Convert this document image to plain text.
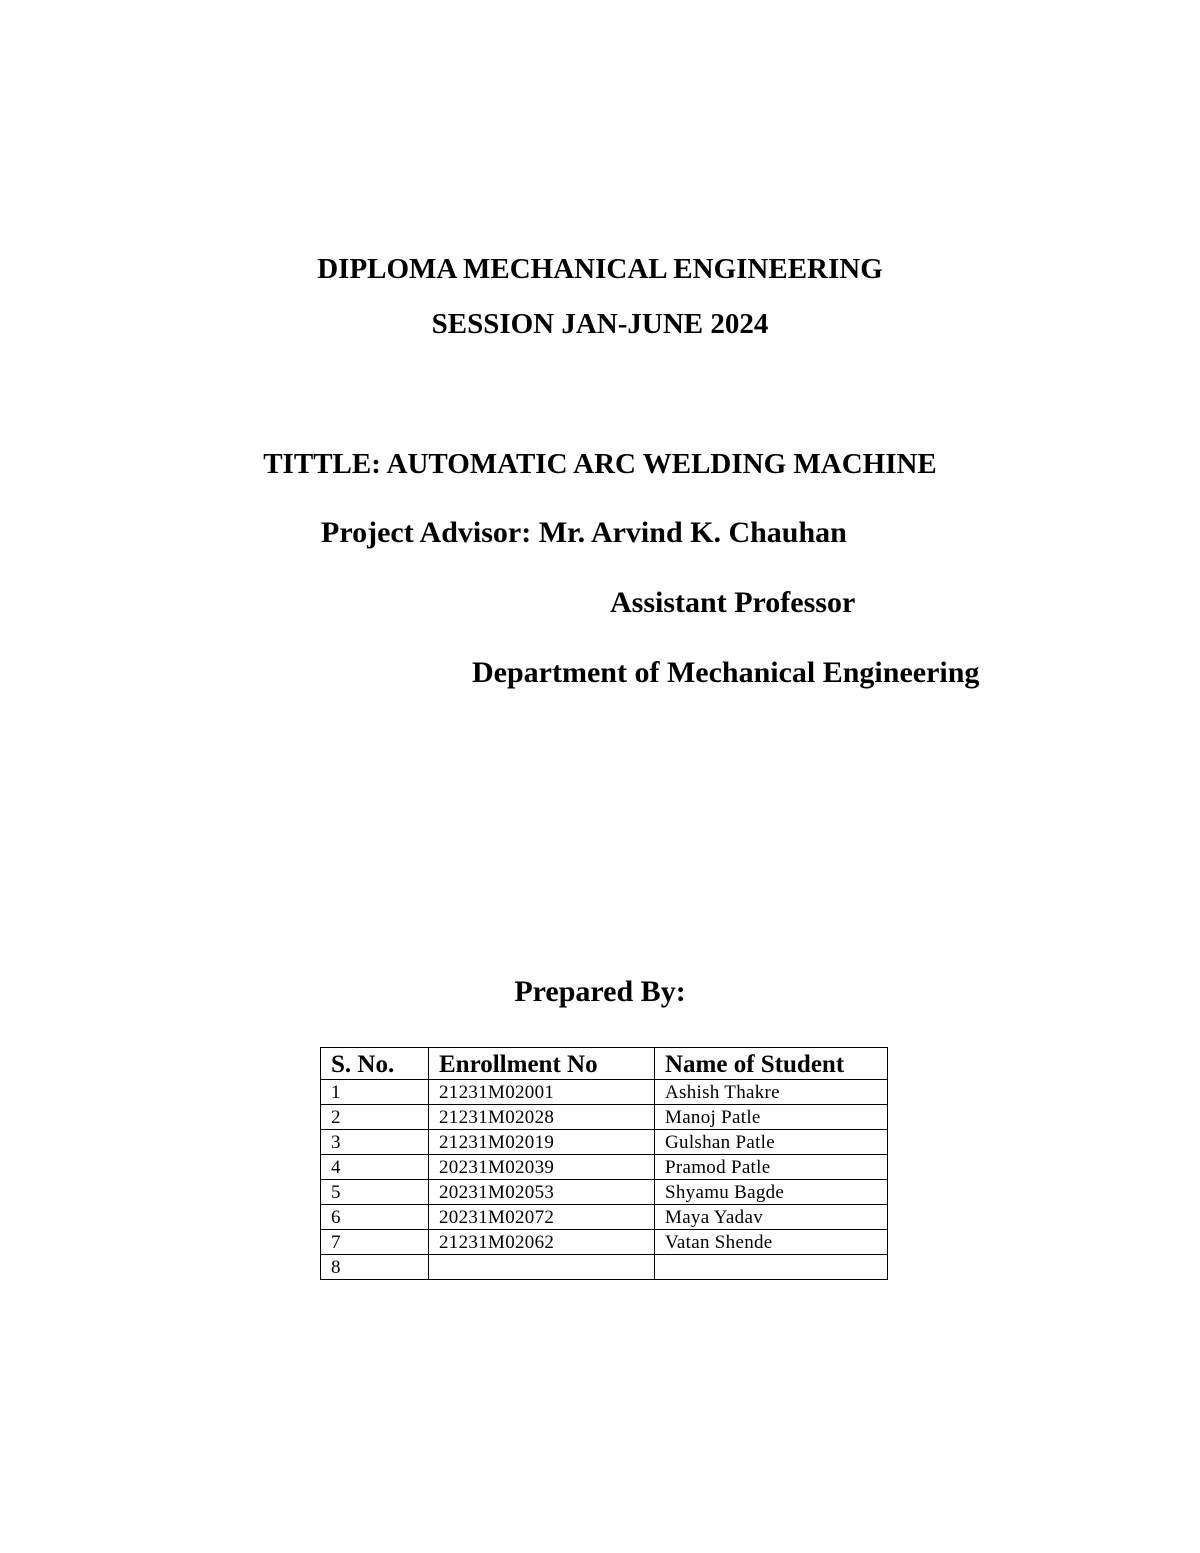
DIPLOMA MECHANICAL ENGINEERING
SESSION JAN-JUNE 2024
TITTLE: AUTOMATIC ARC WELDING MACHINE
Project Advisor: Mr. Arvind K. Chauhan
Assistant Professor
Department of Mechanical Engineering
Prepared By:
S. No.	Enrollment No	Name of Student
1	21231M02001	Ashish Thakre
2	21231M02028	Manoj Patle
3	21231M02019	Gulshan Patle
4	20231M02039	Pramod Patle
5	20231M02053	Shyamu Bagde
6	20231M02072	Maya Yadav
7	21231M02062	Vatan Shende
8		
